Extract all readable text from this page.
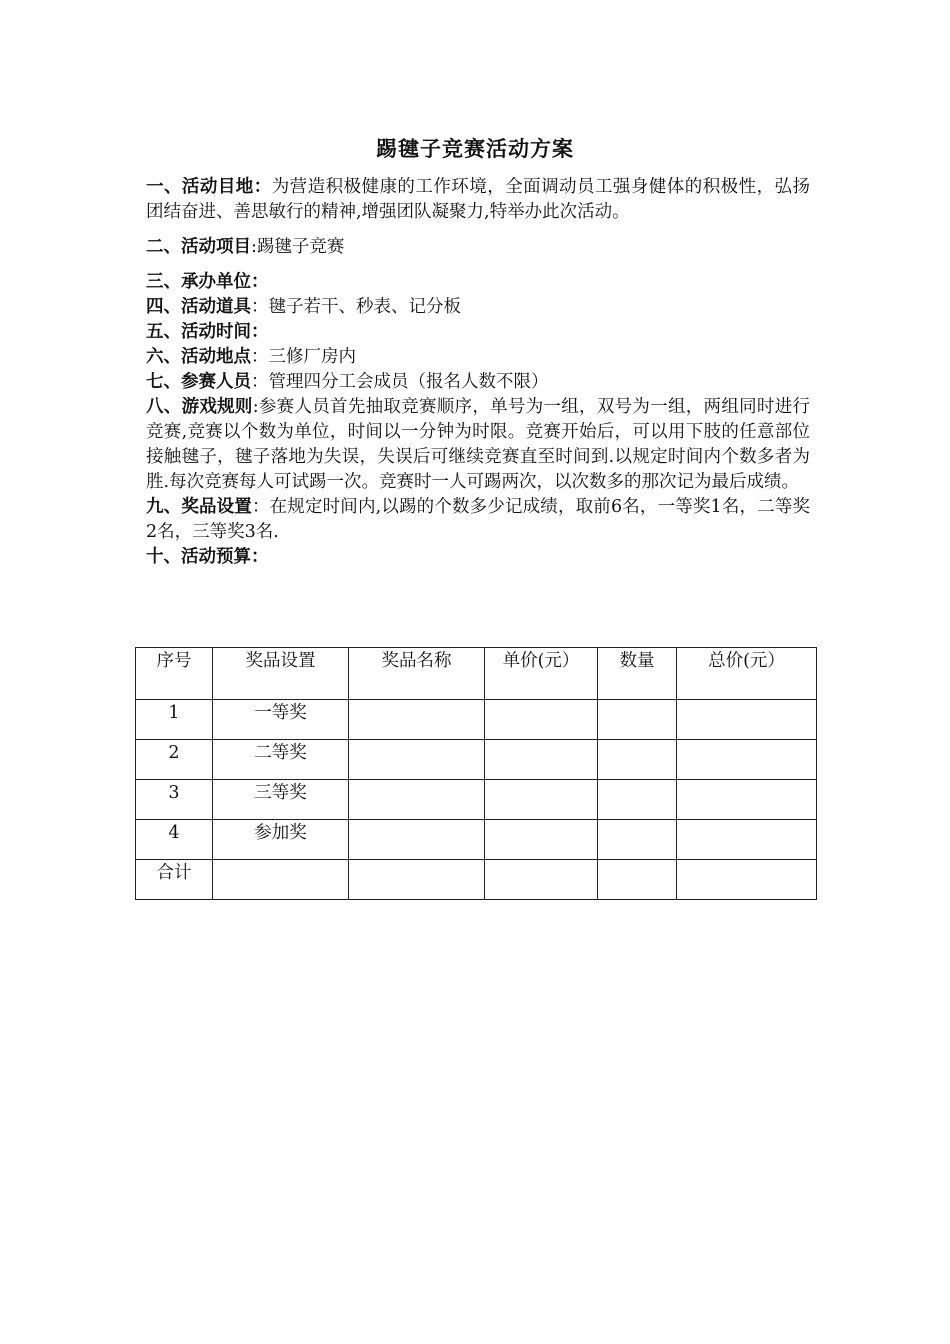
踢毽子竞赛活动方案

一、活动目地：为营造积极健康的工作环境，全面调动员工强身健体的积极性，弘扬团结奋进、善思敏行的精神,增强团队凝聚力,特举办此次活动。

二、活动项目:踢毽子竞赛

三、承办单位：

四、活动道具：毽子若干、秒表、记分板

五、活动时间：

六、活动地点：三修厂房内

七、参赛人员：管理四分工会成员（报名人数不限）

八、游戏规则:参赛人员首先抽取竞赛顺序，单号为一组，双号为一组，两组同时进行竞赛,竞赛以个数为单位，时间以一分钟为时限。竞赛开始后，可以用下肢的任意部位接触毽子，毽子落地为失误，失误后可继续竞赛直至时间到.以规定时间内个数多者为胜.每次竞赛每人可试踢一次。竞赛时一人可踢两次，以次数多的那次记为最后成绩。

九、奖品设置：在规定时间内,以踢的个数多少记成绩，取前6名，一等奖1名，二等奖2名，三等奖3名.

十、活动预算：

序号	奖品设置	奖品名称	单价(元）	数量	总价(元）
1	一等奖				
2	二等奖				
3	三等奖				
4	参加奖				
合计					
